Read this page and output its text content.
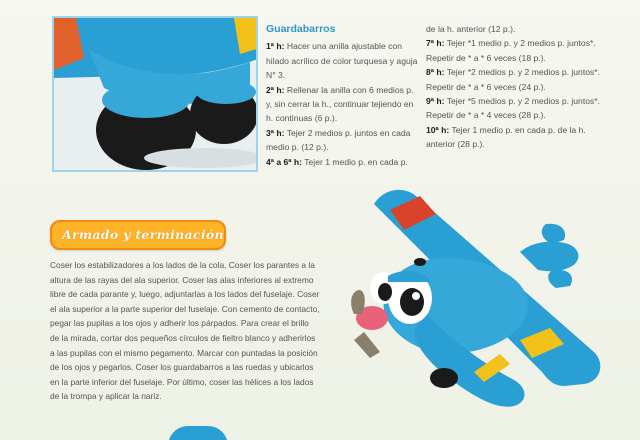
Guardabarros
1ª h: Hacer una anilla ajustable con hilado acrílico de color turquesa y aguja N° 3.
2ª h: Rellenar la anilla con 6 medios p. y, sin cerrar la h., continuar tejiendo en h. continuas (6 p.).
3ª h: Tejer 2 medios p. juntos en cada medio p. (12 p.).
4ª a 6ª h: Tejer 1 medio p. en cada p.
de la h. anterior (12 p.).
7ª h: Tejer *1 medio p. y 2 medios p. juntos*. Repetir de * a * 6 veces (18 p.).
8ª h: Tejer *2 medios p. y 2 medios p. juntos*. Repetir de * a * 6 veces (24 p.).
9ª h: Tejer *5 medios p. y 2 medios p. juntos*. Repetir de * a * 4 veces (28 p.).
10ª h: Tejer 1 medio p. en cada p. de la h. anterior (28 p.).
Armado y terminación
Coser los estabilizadores a los lados de la cola. Coser los parantes a la altura de las rayas del ala superior. Coser las alas inferiores al extremo libre de cada parante y, luego, adjuntarlas a los lados del fuselaje. Coser el ala superior a la parte superior del fuselaje. Con cemento de contacto, pegar las pupilas a los ojos y adherir los párpados. Para crear el brillo de la mirada, cortar dos pequeños círculos de fieltro blanco y adherirlos a las pupilas con el mismo pegamento. Marcar con puntadas la posición de los ojos y pegarlos. Coser los guardabarros a las ruedas y ubicarlos en la parte inferior del fuselaje. Por último, coser las hélices a los lados de la trompa y aplicar la nariz.
